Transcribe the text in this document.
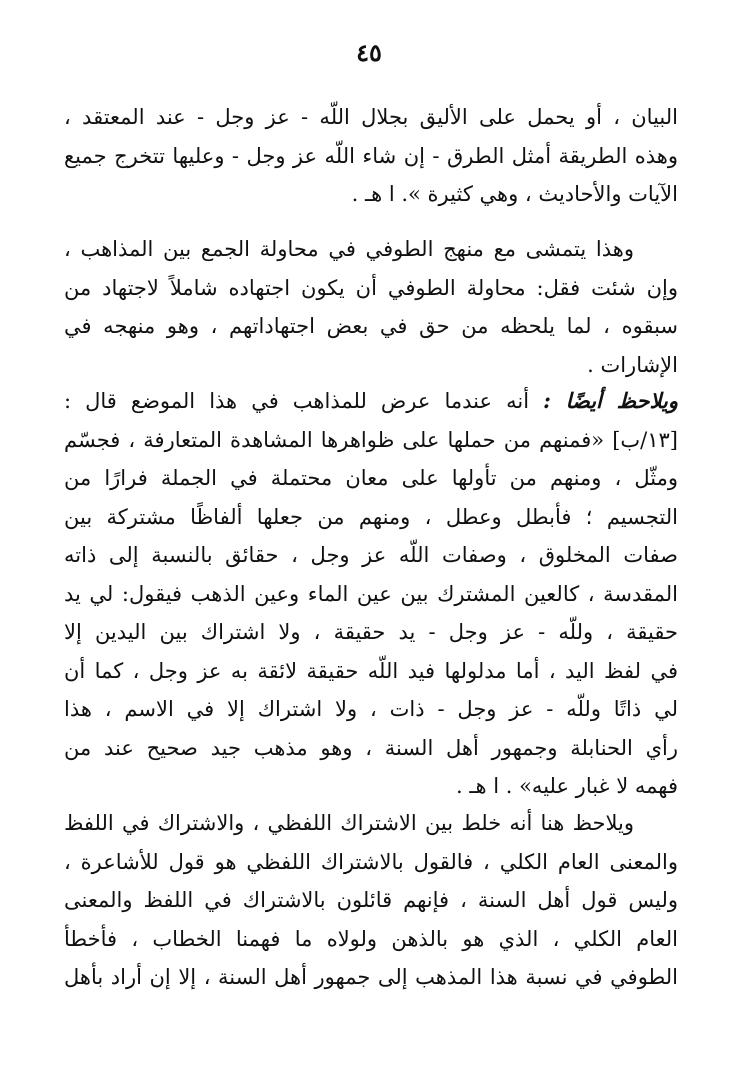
٤٥
البيان ، أو يحمل على الأليق بجلال اللّه - عز وجل - عند المعتقد ،
وهذه الطريقة أمثل الطرق - إن شاء اللّه عز وجل - وعليها تتخرج جميع
الآيات والأحاديث ، وهي كثيرة ». ا هـ .
وهذا يتمشى مع منهج الطوفي في محاولة الجمع بين المذاهب ،
وإن شئت فقل: محاولة الطوفي أن يكون اجتهاده شاملاً لاجتهاد من
سبقوه ، لما يلحظه من حق في بعض اجتهاداتهم ، وهو منهجه في
الإشارات .
ويلاحظ أيضًا : أنه عندما عرض للمذاهب في هذا الموضع قال :
[١٣/ب] «فمنهم من حملها على ظواهرها المشاهدة المتعارفة ، فجسّم
ومثّل ، ومنهم من تأولها على معان محتملة في الجملة فرارًا من
التجسيم ؛ فأبطل وعطل ، ومنهم من جعلها ألفاظًا مشتركة بين
صفات المخلوق ، وصفات اللّه عز وجل ، حقائق بالنسبة إلى ذاته
المقدسة ، كالعين المشترك بين عين الماء وعين الذهب فيقول: لي يد
حقيقة ، وللّه - عز وجل - يد حقيقة ، ولا اشتراك بين اليدين إلا
في لفظ اليد ، أما مدلولها فيد اللّه حقيقة لائقة به عز وجل ، كما أن
لي ذاتًا وللّه - عز وجل - ذات ، ولا اشتراك إلا في الاسم ، هذا
رأي الحنابلة وجمهور أهل السنة ، وهو مذهب جيد صحيح عند من
فهمه لا غبار عليه» . ا هـ .
ويلاحظ هنا أنه خلط بين الاشتراك اللفظي ، والاشتراك في اللفظ
والمعنى العام الكلي ، فالقول بالاشتراك اللفظي هو قول للأشاعرة ،
وليس قول أهل السنة ، فإنهم قائلون بالاشتراك في اللفظ والمعنى
العام الكلي ، الذي هو بالذهن ولولاه ما فهمنا الخطاب ، فأخطأ
الطوفي في نسبة هذا المذهب إلى جمهور أهل السنة ، إلا إن أراد بأهل
